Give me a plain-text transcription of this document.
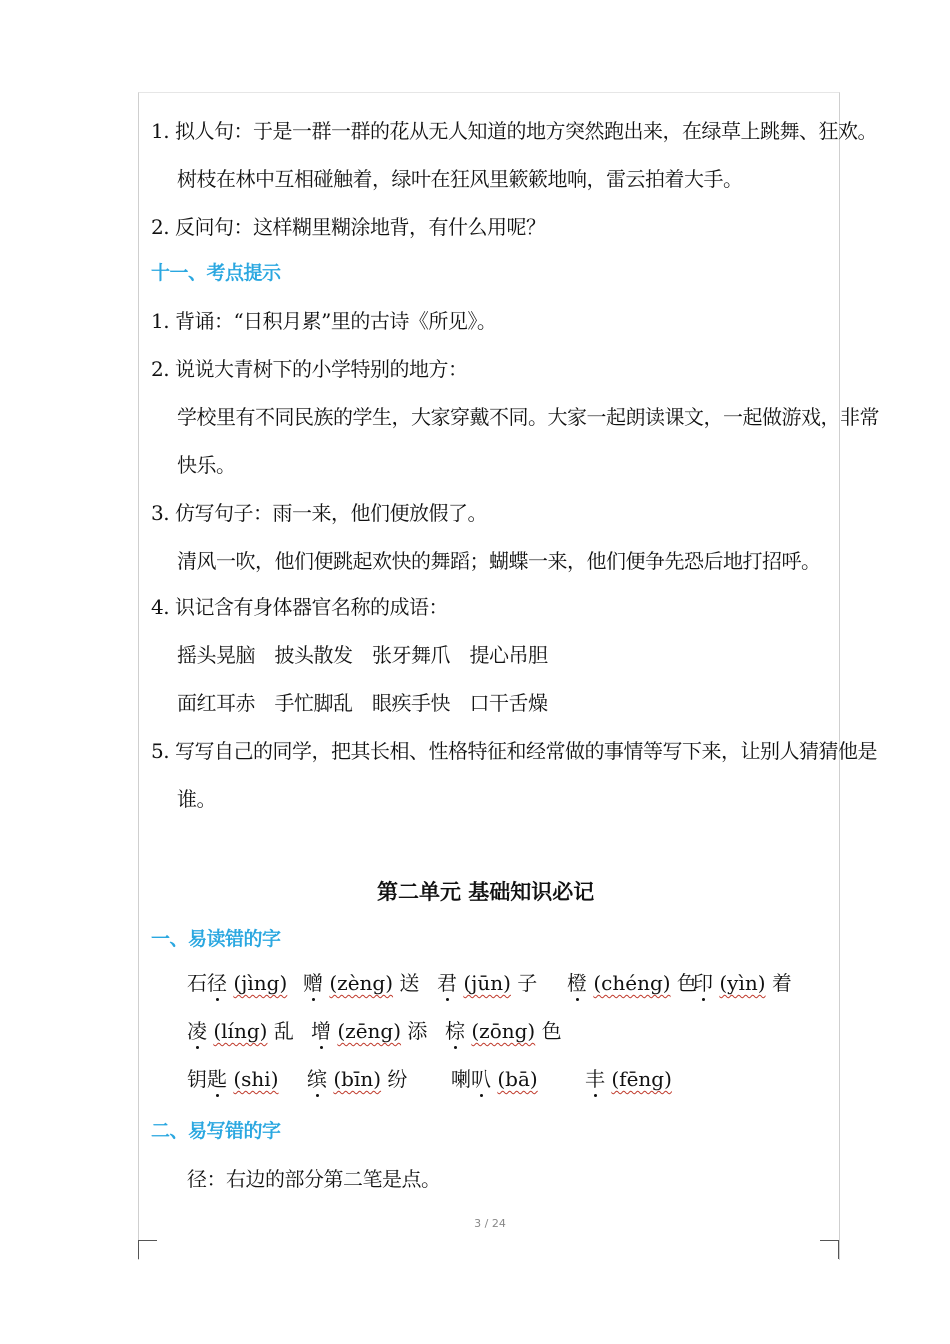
1. 拟人句：于是一群一群的花从无人知道的地方突然跑出来，在绿草上跳舞、狂欢。
树枝在林中互相碰触着，绿叶在狂风里簌簌地响，雷云拍着大手。
2. 反问句：这样糊里糊涂地背，有什么用呢？
十一、考点提示
1. 背诵：“日积月累”里的古诗《所见》。
2. 说说大青树下的小学特别的地方：
学校里有不同民族的学生，大家穿戴不同。大家一起朗读课文，一起做游戏，非常
快乐。
3. 仿写句子：雨一来，他们便放假了。
清风一吹，他们便跳起欢快的舞蹈；蝴蝶一来，他们便争先恐后地打招呼。
4. 识记含有身体器官名称的成语：
摇头晃脑　披头散发　张牙舞爪　提心吊胆
面红耳赤　手忙脚乱　眼疾手快　口干舌燥
5. 写写自己的同学，把其长相、性格特征和经常做的事情等写下来，让别人猜猜他是
谁。
第二单元 基础知识必记
一、易读错的字
石径 (jìng) 赠 (zèng) 送 君 (jūn) 子 橙 (chéng) 色
印 (yìn) 着
凌 (líng) 乱 增 (zēng) 添 棕 (zōng) 色
钥匙 (shi) 缤 (bīn) 纷 喇叭 (bā) 丰 (fēng)
二、易写错的字
径：右边的部分第二笔是点。
3 / 24
